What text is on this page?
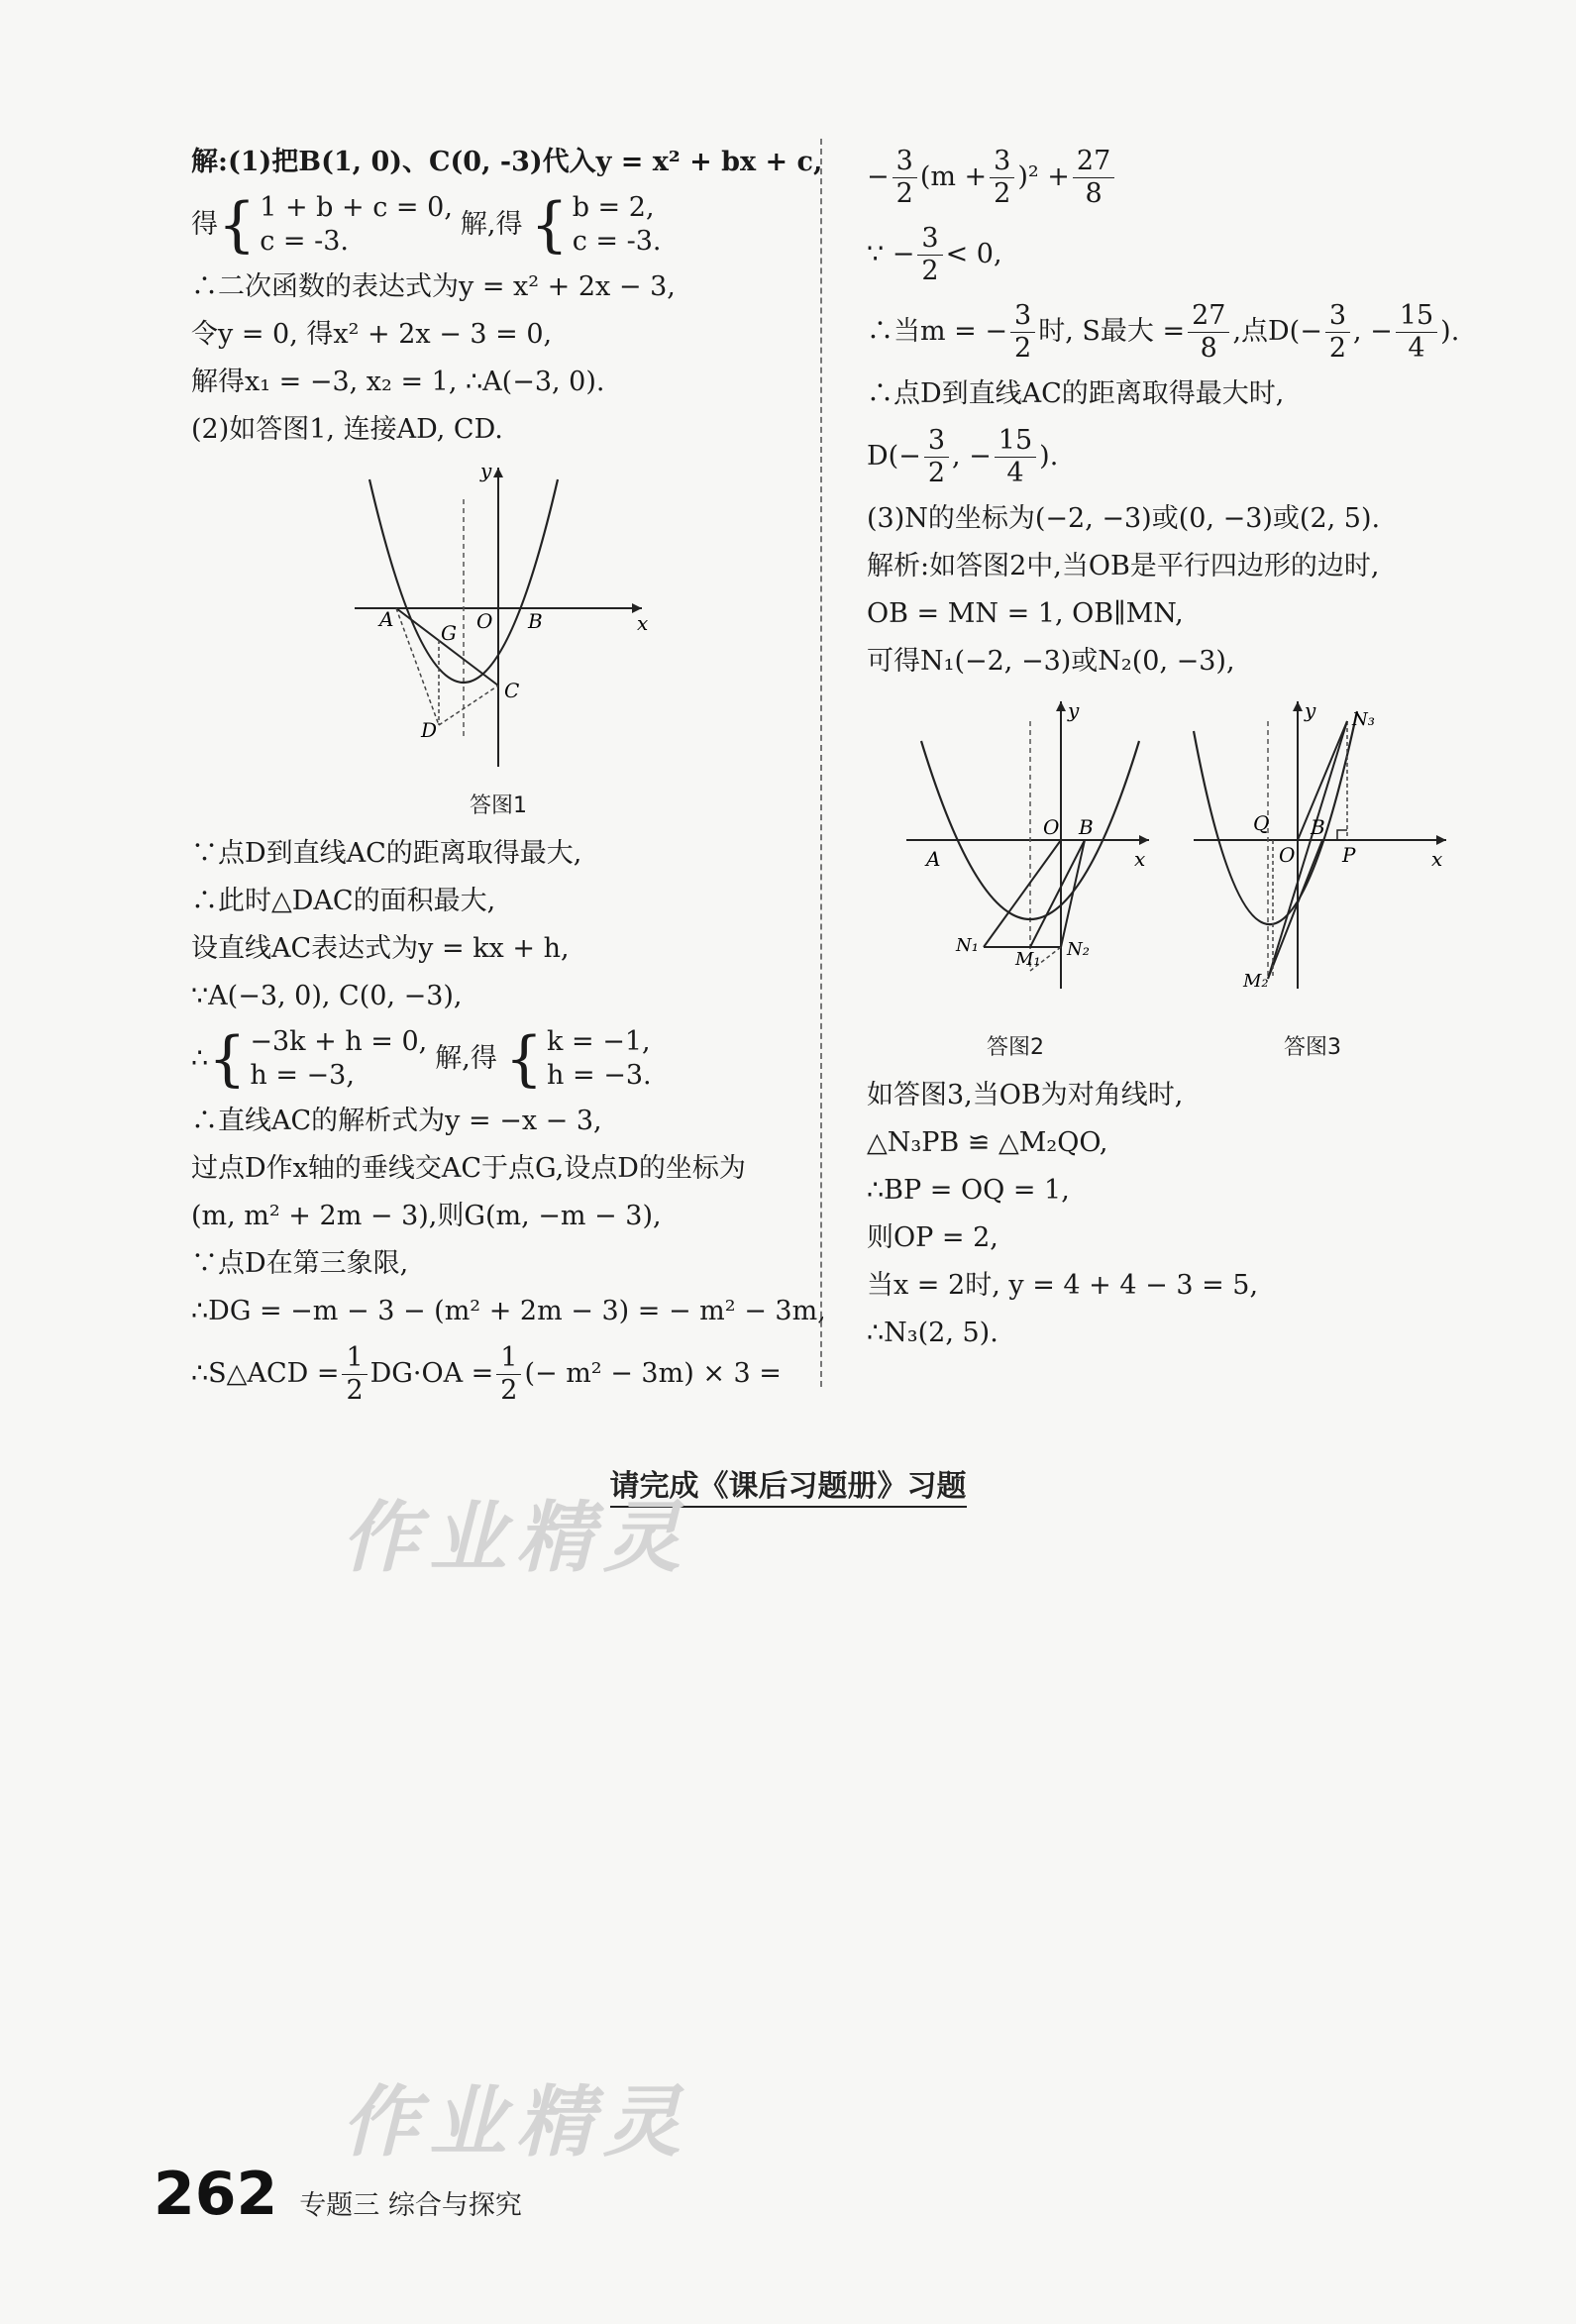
解:(1)把B(1, 0)、C(0, -3)代入y = x² + bx + c,
得 { 1 + b + c = 0,
c = -3.
解,得 { b = 2,
c = -3.
∴二次函数的表达式为y = x² + 2x − 3,
令y = 0, 得x² + 2x − 3 = 0,
解得x₁ = −3, x₂ = 1, ∴A(−3, 0).
(2)如答图1, 连接AD, CD.
x
y
O
A	B
C
D
G
答图1
∵点D到直线AC的距离取得最大,
∴此时△DAC的面积最大,
设直线AC表达式为y = kx + h,
∵A(−3, 0), C(0, −3),
∴ { −3k + h = 0,
h = −3,
解,得 { k = −1,
h = −3.
∴直线AC的解析式为y = −x − 3,
过点D作x轴的垂线交AC于点G,设点D的坐标为
(m, m² + 2m − 3),则G(m, −m − 3),
∵点D在第三象限,
∴DG = −m − 3 − (m² + 2m − 3) = − m² − 3m,
∴S△ACD = $\frac{1}{2} DG\cdot OA = \frac{1}{2}$ (− m² − 3m) × 3 =
− $\frac{3}{2} (m + \frac{3}{2} )^2 + \frac{27}{8}$
∵ − $\frac{3}{2} < 0$,
∴当m = − $\frac{3}{2}$ 时, S最大 = $\frac{27}{8}$ ,点$D(- \frac{3}{2}$ , − $\frac{15}{4}$ ).
∴点D到直线AC的距离取得最大时,
$D(- \frac{3}{2}$ , − $\frac{15}{4}$ ).
(3)N的坐标为(−2, −3)或(0, −3)或(2, 5).
解析:如答图2中,当OB是平行四边形的边时,
OB = MN = 1, OB∥MN,
可得N₁(−2, −3)或N₂(0, −3),
x
y
O B
A
N₁
M₁ N₂
答图2
x
y
O
B
Q
P
N₃
M₂
答图3
如答图3,当OB为对角线时,
△N₃PB ≌ △M₂QO,
∴BP = OQ = 1,
则OP = 2,
当x = 2时, y = 4 + 4 − 3 = 5,
∴N₃(2, 5).
请完成《课后习题册》习题
作业精灵
作业精灵
262 专题三 综合与探究
